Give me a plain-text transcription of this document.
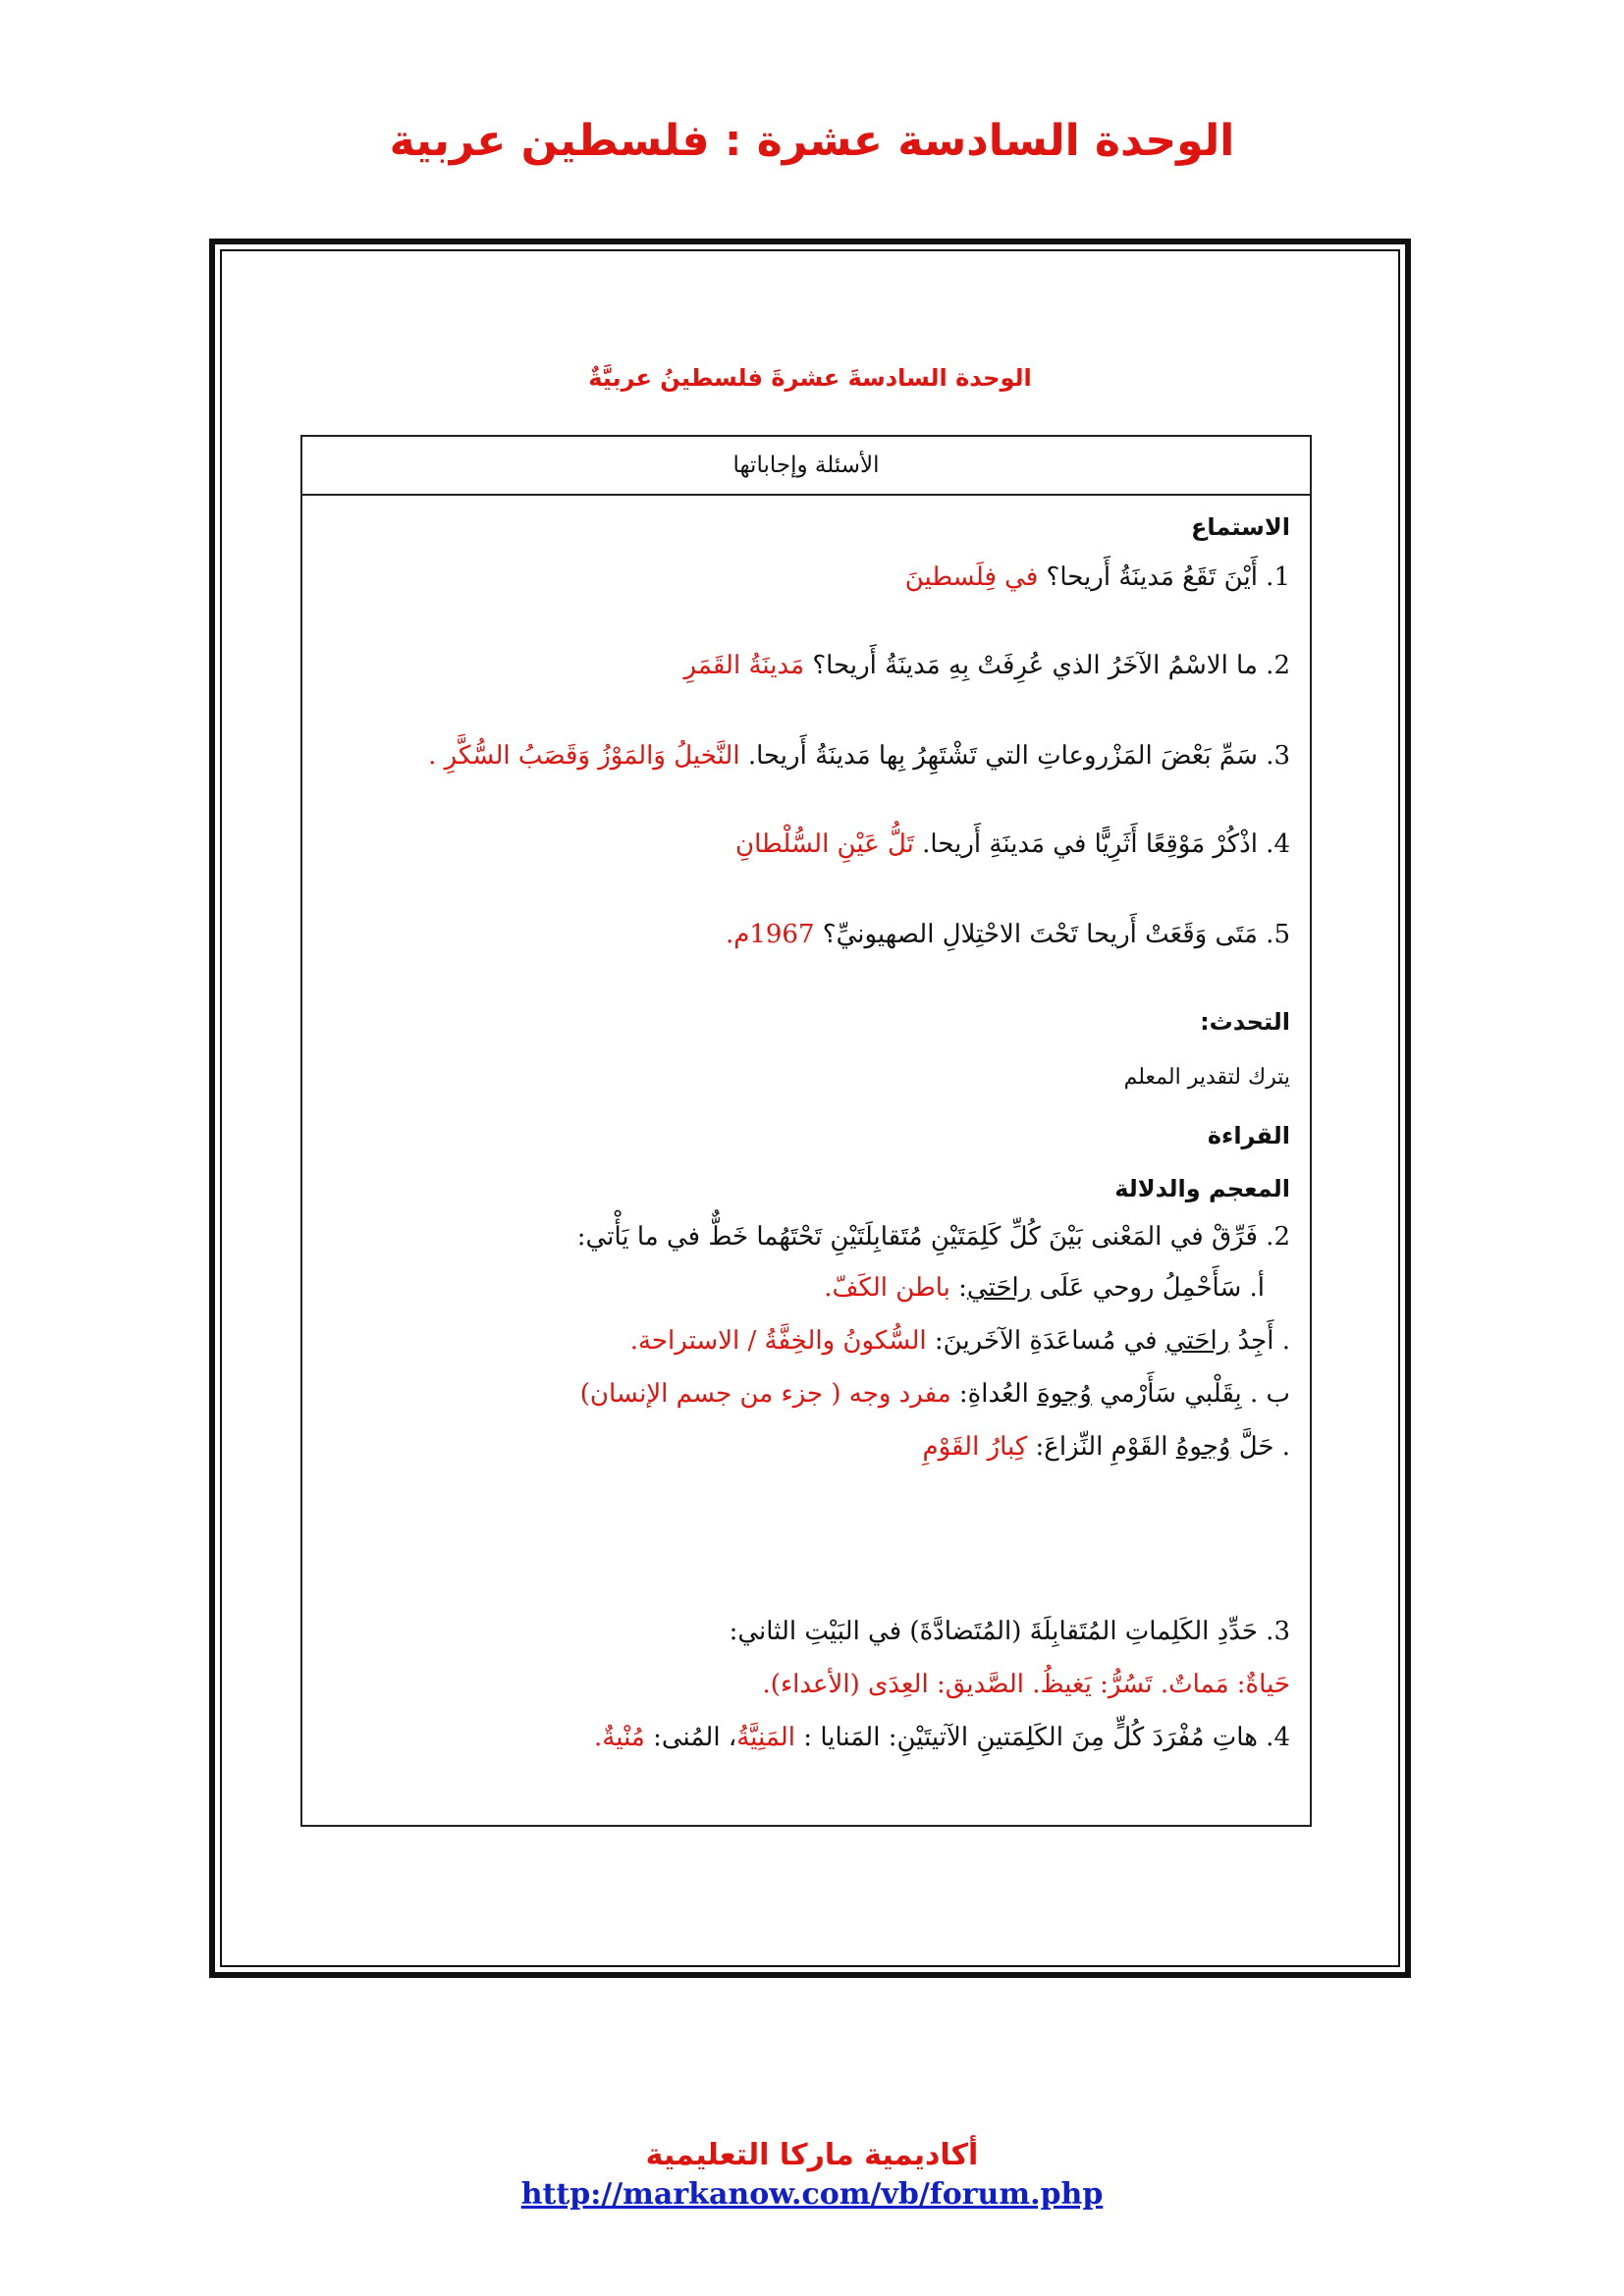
الوحدة السادسة عشرة : فلسطين عربية
الوحدة السادسةَ عشرةَ فلسطينُ عربيَّةٌ
الأسئلة وإجاباتها
الاستماع
1. أَيْنَ تَقَعُ مَدينَةُ أَريحا؟ في فِلَسطينَ
2. ما الاسْمُ الآخَرُ الذي عُرِفَتْ بِهِ مَدينَةُ أَريحا؟ مَدينَةُ القَمَرِ
3. سَمِّ بَعْضَ المَزْروعاتِ التي تَشْتَهِرُ بِها مَدينَةُ أَريحا. النَّخيلُ وَالمَوْزُ وَقَصَبُ السُّكَّرِ .
4. اذْكُرْ مَوْقِعًا أَثَرِيًّا في مَدينَةِ أَريحا. تَلُّ عَيْنِ السُّلْطانِ
5. مَتَى وَقَعَتْ أَريحا تَحْتَ الاحْتِلالِ الصهيونيِّ؟ 1967م.
التحدث:
يترك لتقدير المعلم
القراءة
المعجم والدلالة
2. فَرِّقْ في المَعْنى بَيْنَ كُلِّ كَلِمَتَيْنِ مُتَقابِلَتَيْنِ تَحْتَهُما خَطٌّ في ما يَأْتي:
أ. سَأَحْمِلُ روحي عَلَى راحَتي: باطن الكَفّ.
. أَجِدُ راحَتي في مُساعَدَةِ الآخَرينَ: السُّكونُ والخِفَّةُ / الاستراحة.
ب . بِقَلْبي سَأَرْمي وُجوهَ العُداةِ: مفرد وجه ( جزء من جسم الإنسان)
. حَلَّ وُجوهُ القَوْمِ النِّزاعَ: كِبارُ القَوْمِ
3. حَدِّدِ الكَلِماتِ المُتَقابِلَةَ (المُتَضادَّةَ) في البَيْتِ الثاني:
حَياةٌ: مَماتٌ. تَسُرُّ: يَغيظُ. الصَّديق: العِدَى (الأعداء).
4. هاتِ مُفْرَدَ كُلٍّ مِنَ الكَلِمَتينِ الآتيتَيْنِ: المَنايا : المَنِيَّةُ، المُنى: مُنْيةٌ.
أكاديمية ماركا التعليمية
http://markanow.com/vb/forum.php
